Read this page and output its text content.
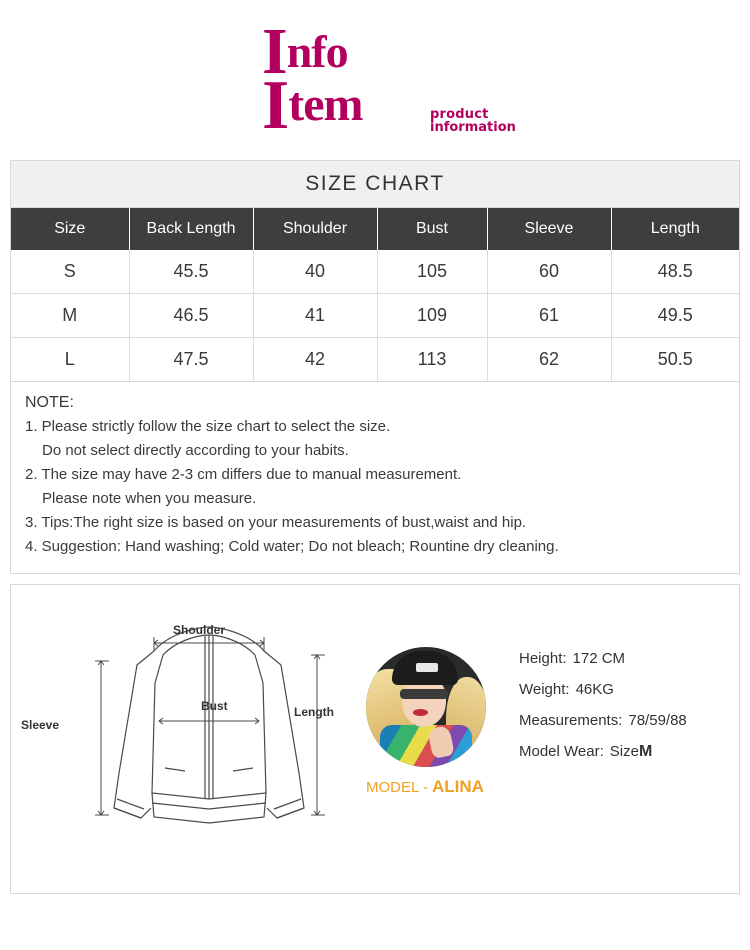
Info
Item	product
information
SIZE CHART
Size	Back Length	Shoulder	Bust	Sleeve	Length
S	45.5	40	105	60	48.5
M	46.5	41	109	61	49.5
L	47.5	42	113	62	50.5
NOTE:
1. Please strictly follow the size chart to select the size.
Do not select directly according to your habits.
2. The size may have 2-3 cm differs due to manual measurement.
Please note when you measure.
3. Tips:The right size is based on your measurements of bust,waist and hip.
4. Suggestion: Hand washing; Cold water; Do not bleach; Rountine dry cleaning.
Shoulder
Bust
Sleeve
Length
MODEL - ALINA
Height: 172 CM
Weight: 46KG
Measurements: 78/59/88
Model Wear: SizeM
